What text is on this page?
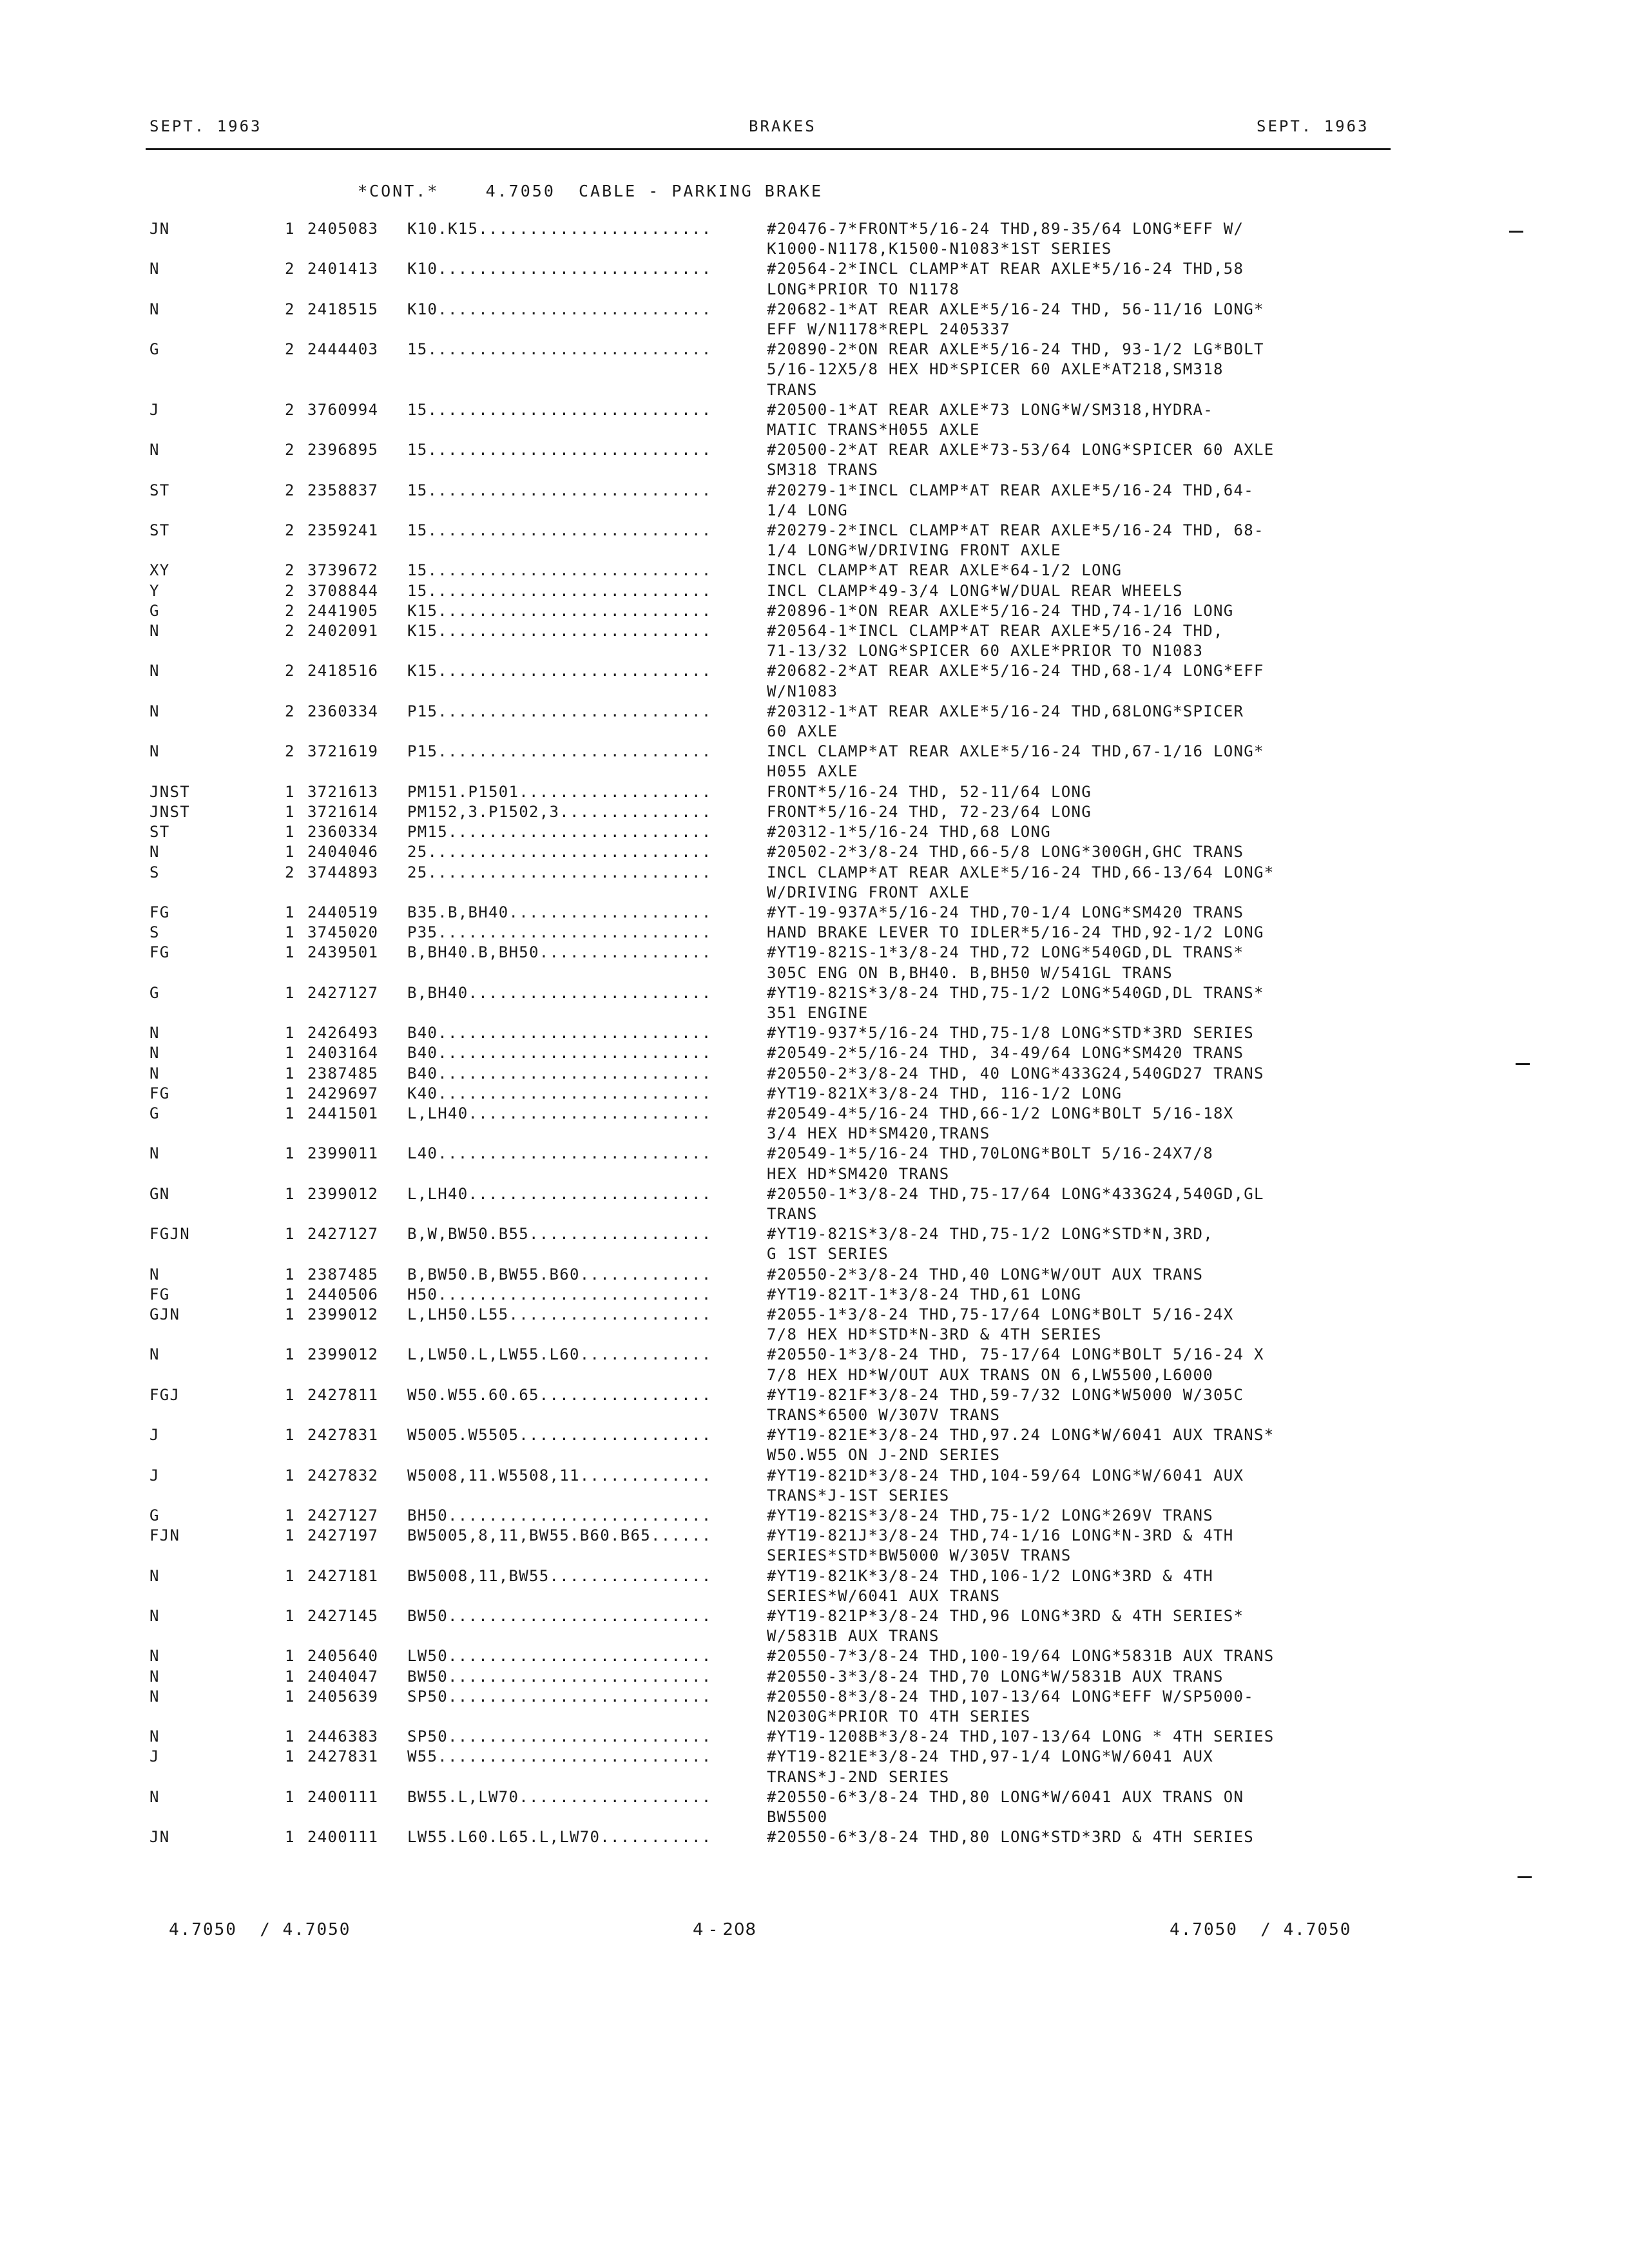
SEPT. 1963	BRAKES	SEPT. 1963
*CONT.*    4.7050  CABLE - PARKING BRAKE
JN	1 2405083 K10.K15.......................	#20476-7*FRONT*5/16-24 THD,89-35/64 LONG*EFF W/
K1000-N1178,K1500-N1083*1ST SERIES
N	2 2401413 K10...........................	#20564-2*INCL CLAMP*AT REAR AXLE*5/16-24 THD,58
LONG*PRIOR TO N1178
N	2 2418515 K10...........................	#20682-1*AT REAR AXLE*5/16-24 THD, 56-11/16 LONG*
EFF W/N1178*REPL 2405337
G	2 2444403 15............................	#20890-2*ON REAR AXLE*5/16-24 THD, 93-1/2 LG*BOLT
5/16-12X5/8 HEX HD*SPICER 60 AXLE*AT218,SM318
TRANS
J	2 3760994 15............................	#20500-1*AT REAR AXLE*73 LONG*W/SM318,HYDRA-
MATIC TRANS*H055 AXLE
N	2 2396895 15............................	#20500-2*AT REAR AXLE*73-53/64 LONG*SPICER 60 AXLE
SM318 TRANS
ST	2 2358837 15............................	#20279-1*INCL CLAMP*AT REAR AXLE*5/16-24 THD,64-
1/4 LONG
ST	2 2359241 15............................	#20279-2*INCL CLAMP*AT REAR AXLE*5/16-24 THD, 68-
1/4 LONG*W/DRIVING FRONT AXLE
XY	2 3739672 15............................	INCL CLAMP*AT REAR AXLE*64-1/2 LONG
Y	2 3708844 15............................	INCL CLAMP*49-3/4 LONG*W/DUAL REAR WHEELS
G	2 2441905 K15...........................	#20896-1*ON REAR AXLE*5/16-24 THD,74-1/16 LONG
N	2 2402091 K15...........................	#20564-1*INCL CLAMP*AT REAR AXLE*5/16-24 THD,
71-13/32 LONG*SPICER 60 AXLE*PRIOR TO N1083
N	2 2418516 K15...........................	#20682-2*AT REAR AXLE*5/16-24 THD,68-1/4 LONG*EFF
W/N1083
N	2 2360334 P15...........................	#20312-1*AT REAR AXLE*5/16-24 THD,68LONG*SPICER
60 AXLE
N	2 3721619 P15...........................	INCL CLAMP*AT REAR AXLE*5/16-24 THD,67-1/16 LONG*
H055 AXLE
JNST	1 3721613 PM151.P1501...................	FRONT*5/16-24 THD, 52-11/64 LONG
JNST	1 3721614 PM152,3.P1502,3...............	FRONT*5/16-24 THD, 72-23/64 LONG
ST	1 2360334 PM15..........................	#20312-1*5/16-24 THD,68 LONG
N	1 2404046 25............................	#20502-2*3/8-24 THD,66-5/8 LONG*300GH,GHC TRANS
S	2 3744893 25............................	INCL CLAMP*AT REAR AXLE*5/16-24 THD,66-13/64 LONG*
W/DRIVING FRONT AXLE
FG	1 2440519 B35.B,BH40....................	#YT-19-937A*5/16-24 THD,70-1/4 LONG*SM420 TRANS
S	1 3745020 P35...........................	HAND BRAKE LEVER TO IDLER*5/16-24 THD,92-1/2 LONG
FG	1 2439501 B,BH40.B,BH50.................	#YT19-821S-1*3/8-24 THD,72 LONG*540GD,DL TRANS*
305C ENG ON B,BH40. B,BH50 W/541GL TRANS
G	1 2427127 B,BH40........................	#YT19-821S*3/8-24 THD,75-1/2 LONG*540GD,DL TRANS*
351 ENGINE
N	1 2426493 B40...........................	#YT19-937*5/16-24 THD,75-1/8 LONG*STD*3RD SERIES
N	1 2403164 B40...........................	#20549-2*5/16-24 THD, 34-49/64 LONG*SM420 TRANS
N	1 2387485 B40...........................	#20550-2*3/8-24 THD, 40 LONG*433G24,540GD27 TRANS
FG	1 2429697 K40...........................	#YT19-821X*3/8-24 THD, 116-1/2 LONG
G	1 2441501 L,LH40........................	#20549-4*5/16-24 THD,66-1/2 LONG*BOLT 5/16-18X
3/4 HEX HD*SM420,TRANS
N	1 2399011 L40...........................	#20549-1*5/16-24 THD,70LONG*BOLT 5/16-24X7/8
HEX HD*SM420 TRANS
GN	1 2399012 L,LH40........................	#20550-1*3/8-24 THD,75-17/64 LONG*433G24,540GD,GL
TRANS
FGJN	1 2427127 B,W,BW50.B55..................	#YT19-821S*3/8-24 THD,75-1/2 LONG*STD*N,3RD,
G 1ST SERIES
N	1 2387485 B,BW50.B,BW55.B60.............	#20550-2*3/8-24 THD,40 LONG*W/OUT AUX TRANS
FG	1 2440506 H50...........................	#YT19-821T-1*3/8-24 THD,61 LONG
GJN	1 2399012 L,LH50.L55....................	#2055-1*3/8-24 THD,75-17/64 LONG*BOLT 5/16-24X
7/8 HEX HD*STD*N-3RD & 4TH SERIES
N	1 2399012 L,LW50.L,LW55.L60.............	#20550-1*3/8-24 THD, 75-17/64 LONG*BOLT 5/16-24 X
7/8 HEX HD*W/OUT AUX TRANS ON 6,LW5500,L6000
FGJ	1 2427811 W50.W55.60.65.................	#YT19-821F*3/8-24 THD,59-7/32 LONG*W5000 W/305C
TRANS*6500 W/307V TRANS
J	1 2427831 W5005.W5505...................	#YT19-821E*3/8-24 THD,97.24 LONG*W/6041 AUX TRANS*
W50.W55 ON J-2ND SERIES
J	1 2427832 W5008,11.W5508,11.............	#YT19-821D*3/8-24 THD,104-59/64 LONG*W/6041 AUX
TRANS*J-1ST SERIES
G	1 2427127 BH50..........................	#YT19-821S*3/8-24 THD,75-1/2 LONG*269V TRANS
FJN	1 2427197 BW5005,8,11,BW55.B60.B65......	#YT19-821J*3/8-24 THD,74-1/16 LONG*N-3RD & 4TH
SERIES*STD*BW5000 W/305V TRANS
N	1 2427181 BW5008,11,BW55................	#YT19-821K*3/8-24 THD,106-1/2 LONG*3RD & 4TH
SERIES*W/6041 AUX TRANS
N	1 2427145 BW50..........................	#YT19-821P*3/8-24 THD,96 LONG*3RD & 4TH SERIES*
W/5831B AUX TRANS
N	1 2405640 LW50..........................	#20550-7*3/8-24 THD,100-19/64 LONG*5831B AUX TRANS
N	1 2404047 BW50..........................	#20550-3*3/8-24 THD,70 LONG*W/5831B AUX TRANS
N	1 2405639 SP50..........................	#20550-8*3/8-24 THD,107-13/64 LONG*EFF W/SP5000-
N2030G*PRIOR TO 4TH SERIES
N	1 2446383 SP50..........................	#YT19-1208B*3/8-24 THD,107-13/64 LONG * 4TH SERIES
J	1 2427831 W55...........................	#YT19-821E*3/8-24 THD,97-1/4 LONG*W/6041 AUX
TRANS*J-2ND SERIES
N	1 2400111 BW55.L,LW70...................	#20550-6*3/8-24 THD,80 LONG*W/6041 AUX TRANS ON
BW5500
JN	1 2400111 LW55.L60.L65.L,LW70...........	#20550-6*3/8-24 THD,80 LONG*STD*3RD & 4TH SERIES
4.7050  / 4.7050	4 - 208	4.7050  / 4.7050
